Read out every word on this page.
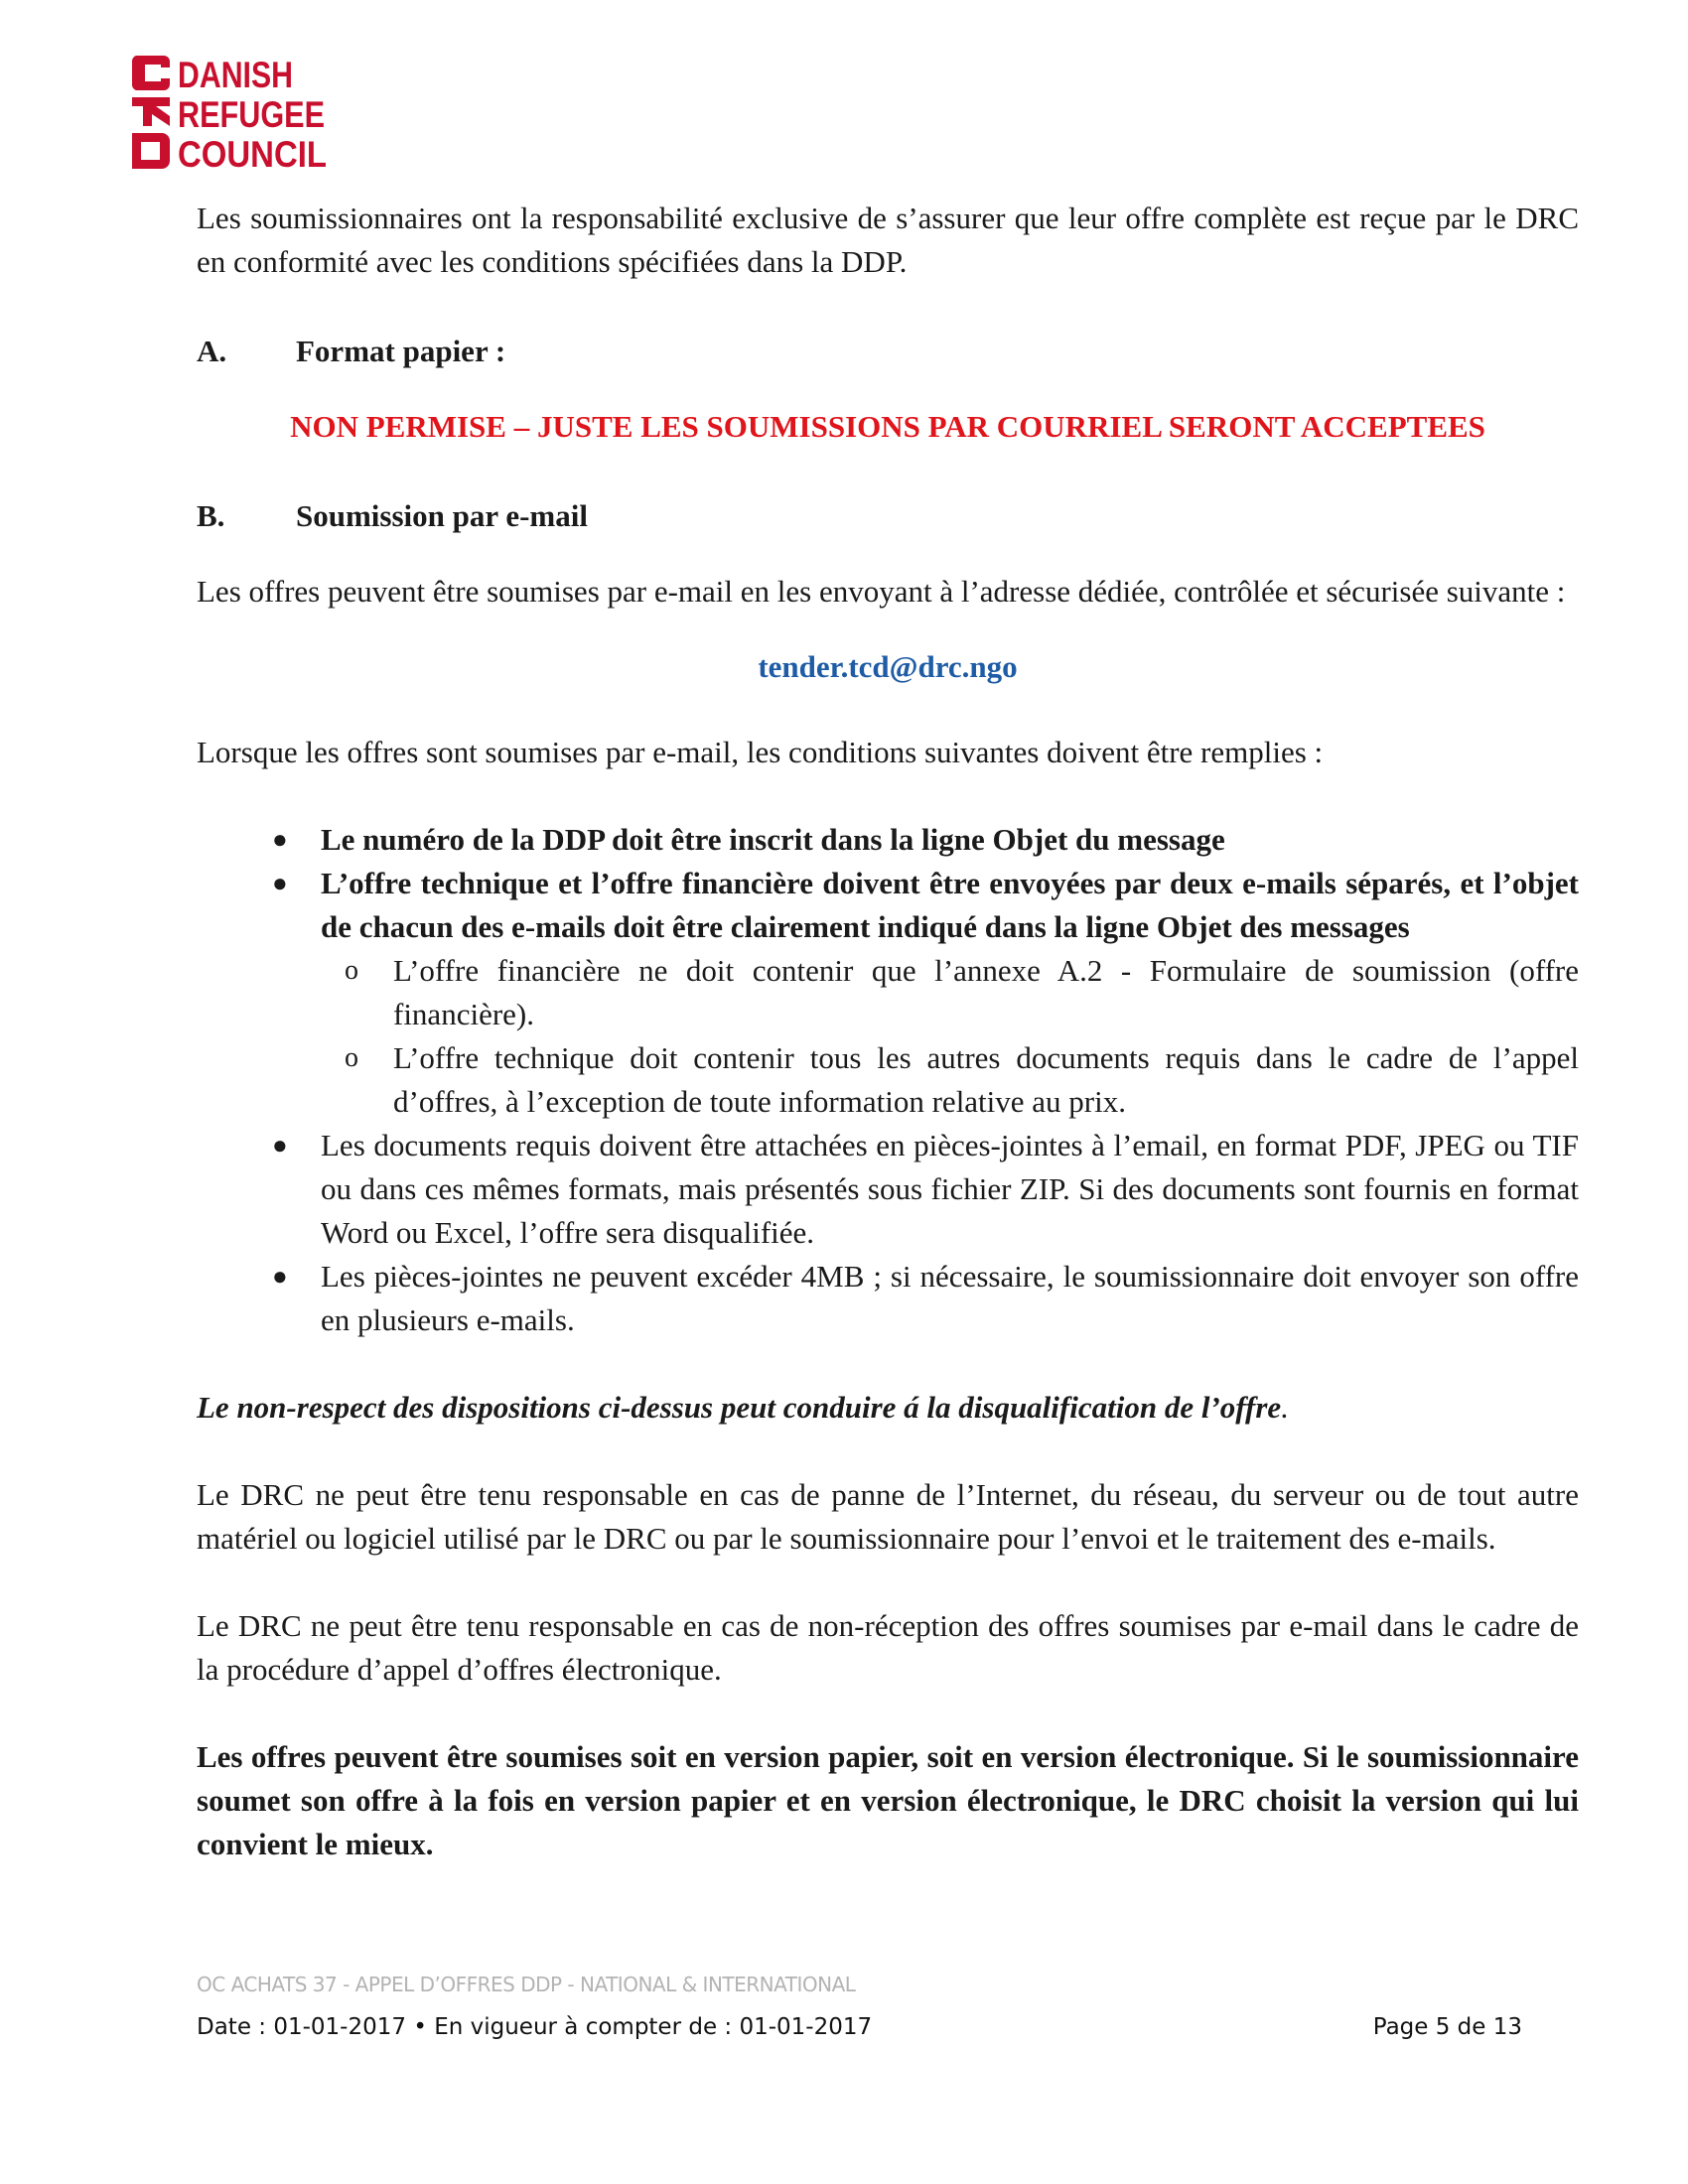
DANISH
REFUGEE
COUNCIL

Les soumissionnaires ont la responsabilité exclusive de s’assurer que leur offre complète est reçue par le DRC en conformité avec les conditions spécifiées dans la DDP.

A.	Format papier :

NON PERMISE – JUSTE LES SOUMISSIONS PAR COURRIEL SERONT ACCEPTEES

B.	Soumission par e-mail

Les offres peuvent être soumises par e-mail en les envoyant à l’adresse dédiée, contrôlée et sécurisée suivante :

tender.tcd@drc.ngo

Lorsque les offres sont soumises par e-mail, les conditions suivantes doivent être remplies :

● Le numéro de la DDP doit être inscrit dans la ligne Objet du message
● L’offre technique et l’offre financière doivent être envoyées par deux e-mails séparés, et l’objet de chacun des e-mails doit être clairement indiqué dans la ligne Objet des messages
o L’offre financière ne doit contenir que l’annexe A.2 - Formulaire de soumission (offre financière).
o L’offre technique doit contenir tous les autres documents requis dans le cadre de l’appel d’offres, à l’exception de toute information relative au prix.
● Les documents requis doivent être attachées en pièces-jointes à l’email, en format PDF, JPEG ou TIF ou dans ces mêmes formats, mais présentés sous fichier ZIP. Si des documents sont fournis en format Word ou Excel, l’offre sera disqualifiée.
● Les pièces-jointes ne peuvent excéder 4MB ; si nécessaire, le soumissionnaire doit envoyer son offre en plusieurs e-mails.

Le non-respect des dispositions ci-dessus peut conduire á la disqualification de l’offre.

Le DRC ne peut être tenu responsable en cas de panne de l’Internet, du réseau, du serveur ou de tout autre matériel ou logiciel utilisé par le DRC ou par le soumissionnaire pour l’envoi et le traitement des e-mails.

Le DRC ne peut être tenu responsable en cas de non-réception des offres soumises par e-mail dans le cadre de la procédure d’appel d’offres électronique.

Les offres peuvent être soumises soit en version papier, soit en version électronique. Si le soumissionnaire soumet son offre à la fois en version papier et en version électronique, le DRC choisit la version qui lui convient le mieux.

OC ACHATS 37 - APPEL D’OFFRES DDP - NATIONAL & INTERNATIONAL
Date : 01-01-2017 • En vigueur à compter de : 01-01-2017	Page 5 de 13
